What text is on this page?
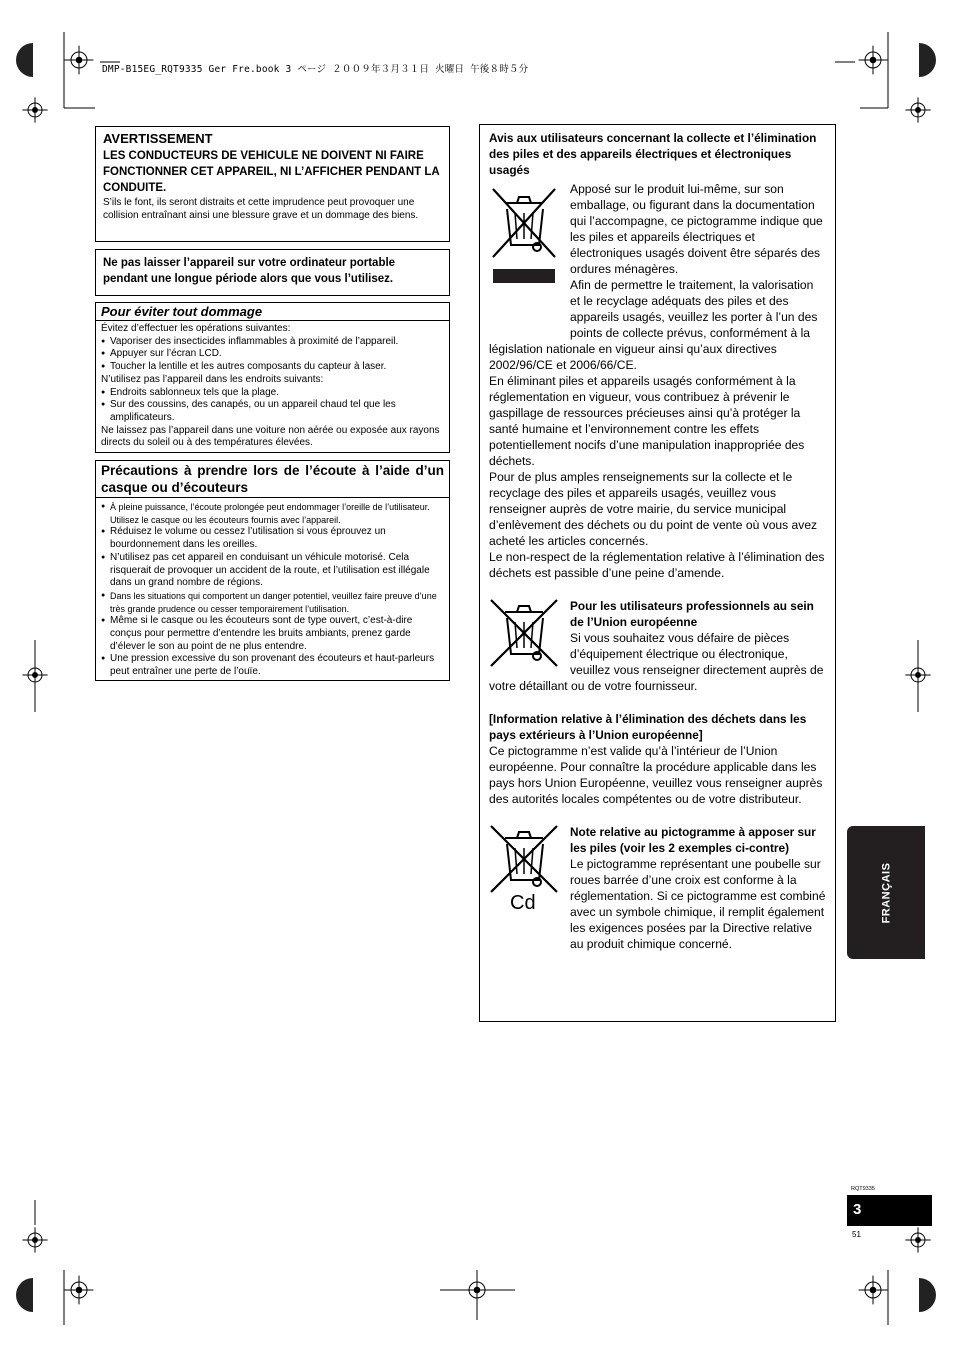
DMP-B15EG_RQT9335 Ger Fre.book 3 ページ ２００９年３月３１日 火曜日 午後８時５分
AVERTISSEMENT
LES CONDUCTEURS DE VEHICULE NE DOIVENT NI FAIRE FONCTIONNER CET APPAREIL, NI L’AFFICHER PENDANT LA CONDUITE.
S’ils le font, ils seront distraits et cette imprudence peut provoquer une collision entraînant ainsi une blessure grave et un dommage des biens.
Ne pas laisser l’appareil sur votre ordinateur portable pendant une longue période alors que vous l’utilisez.
Pour éviter tout dommage
Évitez d’effectuer les opérations suivantes:
● Vaporiser des insecticides inflammables à proximité de l’appareil.
● Appuyer sur l’écran LCD.
● Toucher la lentille et les autres composants du capteur à laser.
N’utilisez pas l’appareil dans les endroits suivants:
● Endroits sablonneux tels que la plage.
● Sur des coussins, des canapés, ou un appareil chaud tel que les amplificateurs.
Ne laissez pas l’appareil dans une voiture non aérée ou exposée aux rayons directs du soleil ou à des températures élevées.
Précautions à prendre lors de l’écoute à l’aide d’un casque ou d’écouteurs
● À pleine puissance, l’écoute prolongée peut endommager l’oreille de l’utilisateur. Utilisez le casque ou les écouteurs fournis avec l’appareil.
● Réduisez le volume ou cessez l’utilisation si vous éprouvez un bourdonnement dans les oreilles.
● N’utilisez pas cet appareil en conduisant un véhicule motorisé. Cela risquerait de provoquer un accident de la route, et l’utilisation est illégale dans un grand nombre de régions.
● Dans les situations qui comportent un danger potentiel, veuillez faire preuve d’une très grande prudence ou cesser temporairement l’utilisation.
● Même si le casque ou les écouteurs sont de type ouvert, c’est-à-dire conçus pour permettre d’entendre les bruits ambiants, prenez garde d’élever le son au point de ne plus entendre.
● Une pression excessive du son provenant des écouteurs et haut-parleurs peut entraîner une perte de l’ouïe.
Avis aux utilisateurs concernant la collecte et l’élimination des piles et des appareils électriques et électroniques usagés
Apposé sur le produit lui-même, sur son emballage, ou figurant dans la documentation qui l’accompagne, ce pictogramme indique que les piles et appareils électriques et électroniques usagés doivent être séparés des ordures ménagères.
Afin de permettre le traitement, la valorisation et le recyclage adéquats des piles et des appareils usagés, veuillez les porter à l’un des points de collecte prévus, conformément à la législation nationale en vigueur ainsi qu’aux directives 2002/96/CE et 2006/66/CE.
En éliminant piles et appareils usagés conformément à la réglementation en vigueur, vous contribuez à prévenir le gaspillage de ressources précieuses ainsi qu’à protéger la santé humaine et l’environnement contre les effets potentiellement nocifs d’une manipulation inappropriée des déchets.
Pour de plus amples renseignements sur la collecte et le recyclage des piles et appareils usagés, veuillez vous renseigner auprès de votre mairie, du service municipal d’enlèvement des déchets ou du point de vente où vous avez acheté les articles concernés.
Le non-respect de la réglementation relative à l’élimination des déchets est passible d’une peine d’amende.
Pour les utilisateurs professionnels au sein de l’Union européenne
Si vous souhaitez vous défaire de pièces d’équipement électrique ou électronique, veuillez vous renseigner directement auprès de votre détaillant ou de votre fournisseur.
[Information relative à l’élimination des déchets dans les pays extérieurs à l’Union européenne]
Ce pictogramme n’est valide qu’à l’intérieur de l’Union européenne. Pour connaître la procédure applicable dans les pays hors Union Européenne, veuillez vous renseigner auprès des autorités locales compétentes ou de votre distributeur.
Cd
Note relative au pictogramme à apposer sur les piles (voir les 2 exemples ci-contre)
Le pictogramme représentant une poubelle sur roues barrée d’une croix est conforme à la réglementation. Si ce pictogramme est combiné avec un symbole chimique, il remplit également les exigences posées par la Directive relative au produit chimique concerné.
FRANÇAIS
RQT9335
3
51
